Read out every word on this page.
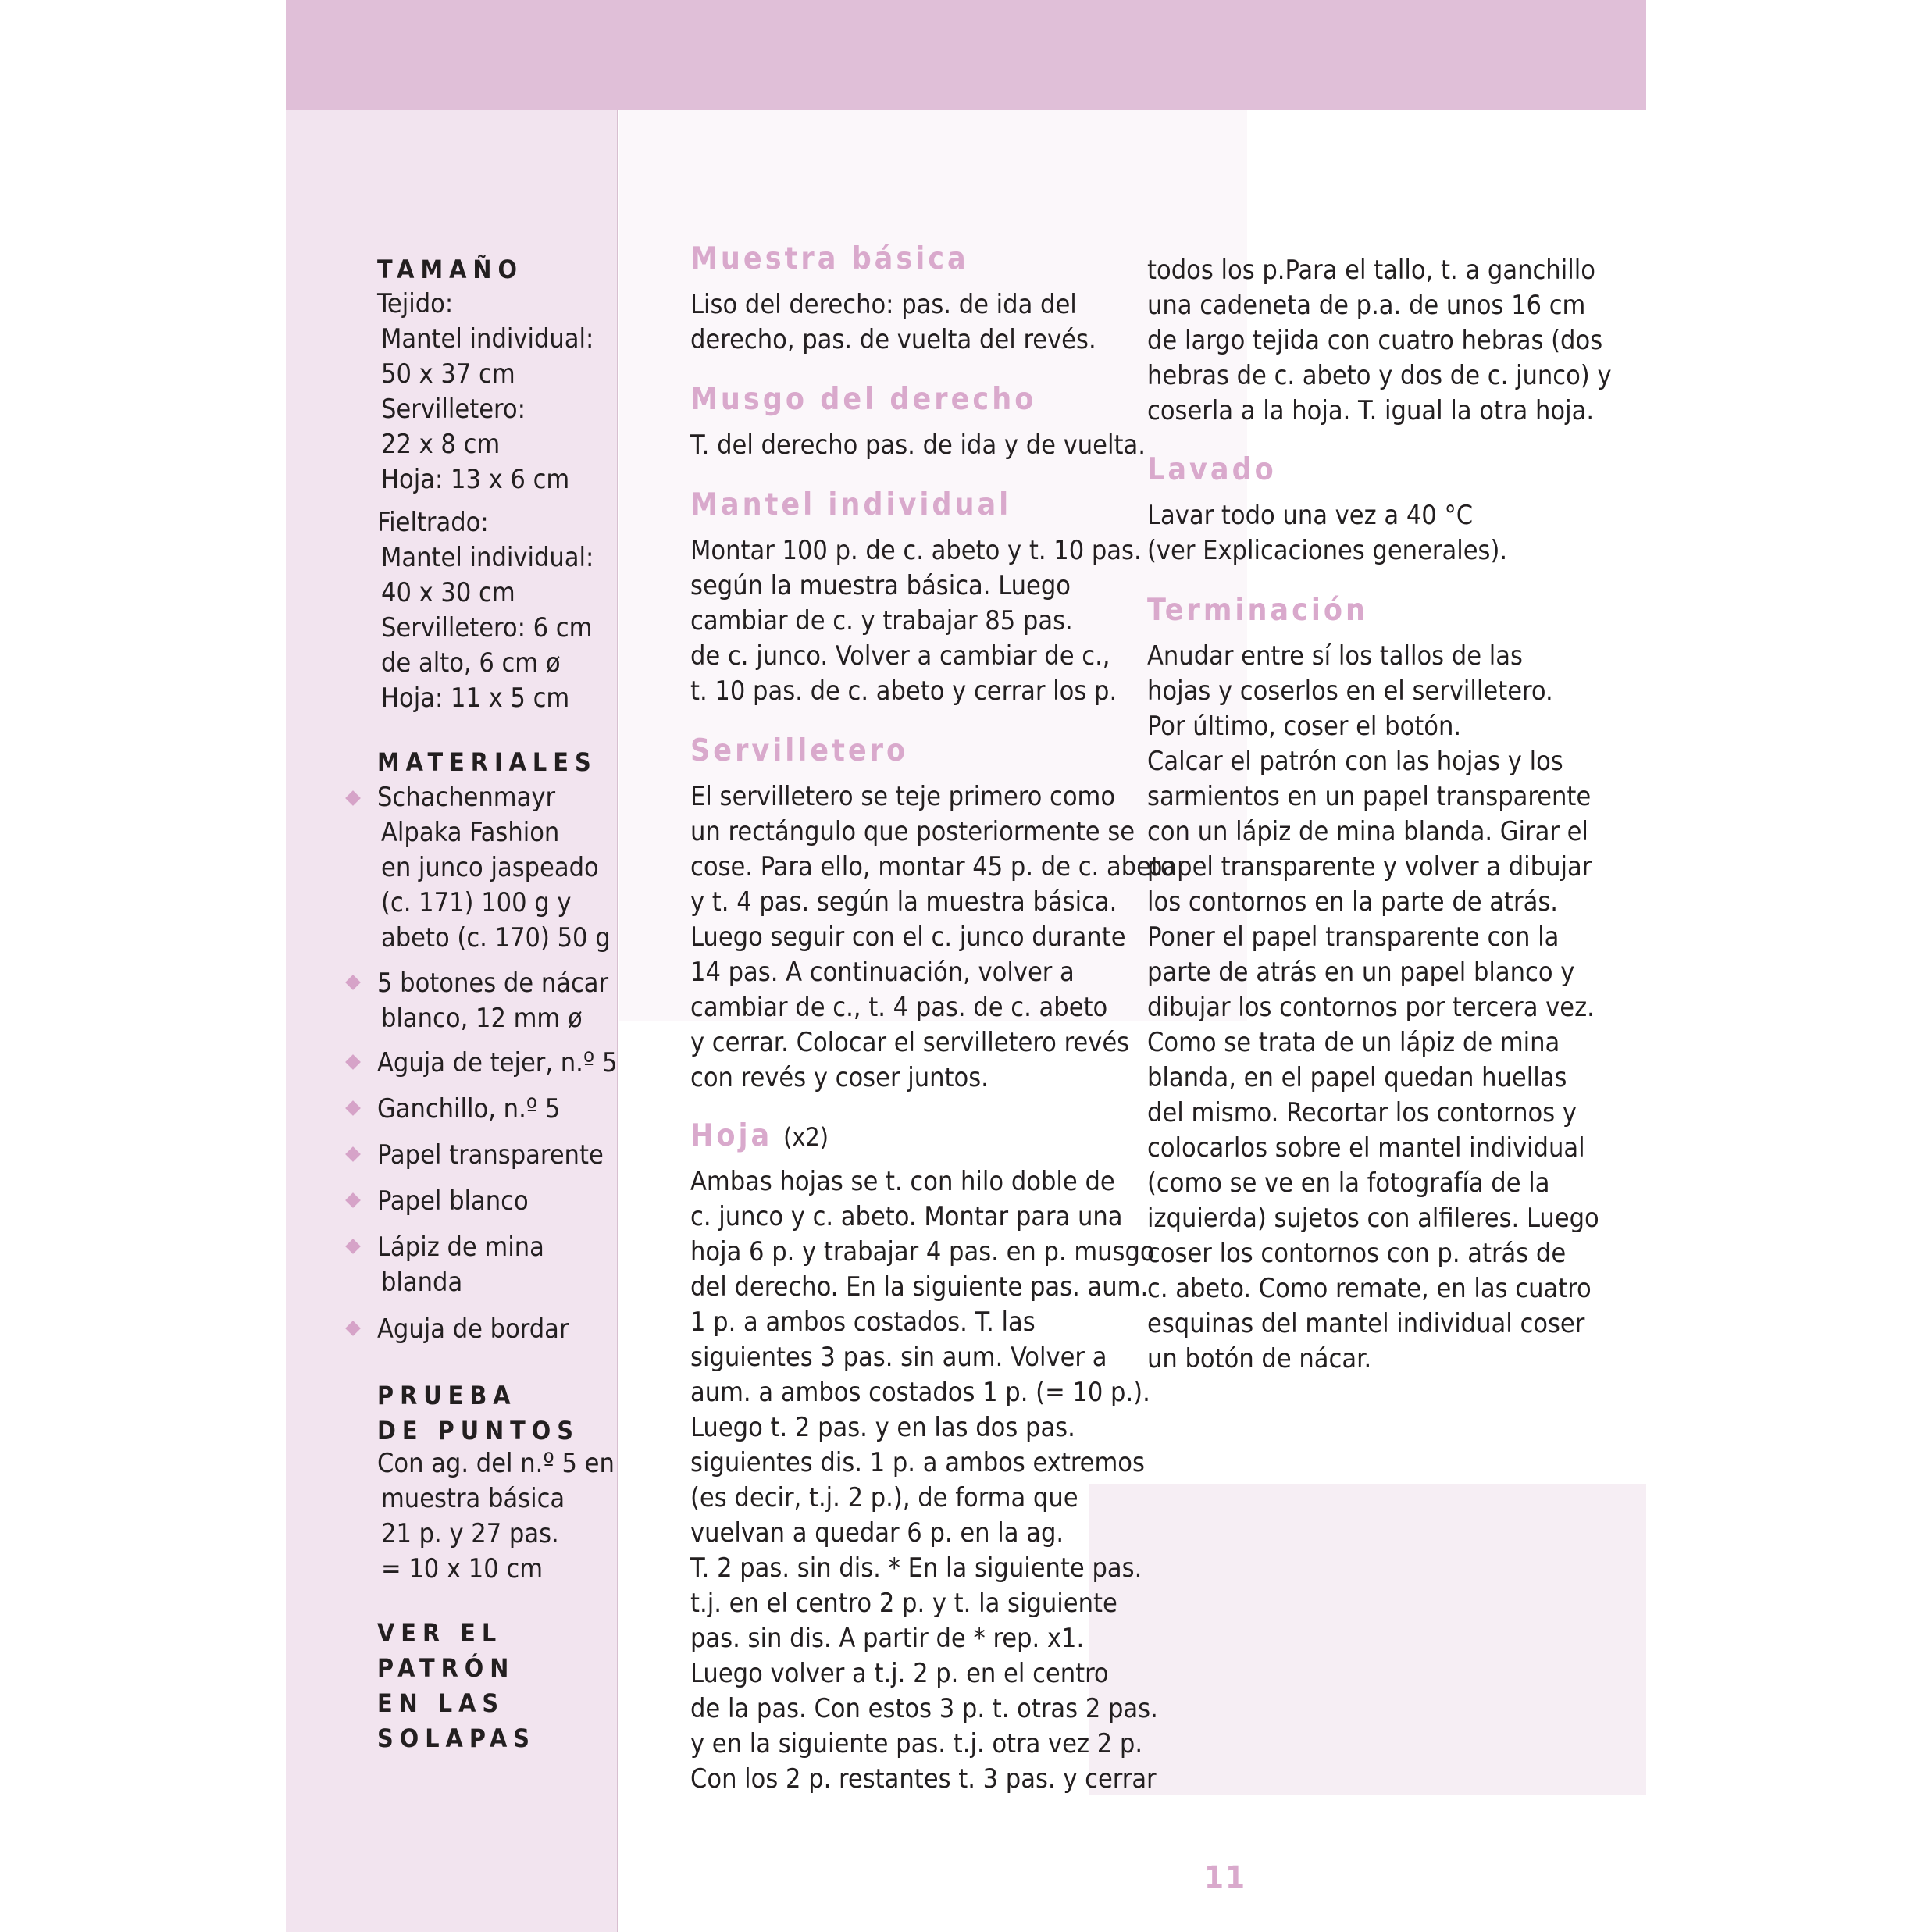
TAMAÑO
Tejido:
Mantel individual:
50 x 37 cm
Servilletero:
22 x 8 cm
Hoja: 13 x 6 cm
Fieltrado:
Mantel individual:
40 x 30 cm
Servilletero: 6 cm
de alto, 6 cm ø
Hoja: 11 x 5 cm
MATERIALES
Schachenmayr
Alpaka Fashion
en junco jaspeado
(c. 171) 100 g y
abeto (c. 170) 50 g
5 botones de nácar
blanco, 12 mm ø
Aguja de tejer, n.º 5
Ganchillo, n.º 5
Papel transparente
Papel blanco
Lápiz de mina
blanda
Aguja de bordar
PRUEBA
DE PUNTOS
Con ag. del n.º 5 en
muestra básica
21 p. y 27 pas.
= 10 x 10 cm
VER EL
PATRÓN
EN LAS
SOLAPAS
Muestra básica
Liso del derecho: pas. de ida del
derecho, pas. de vuelta del revés.
Musgo del derecho
T. del derecho pas. de ida y de vuelta.
Mantel individual
Montar 100 p. de c. abeto y t. 10 pas.
según la muestra básica. Luego
cambiar de c. y trabajar 85 pas.
de c. junco. Volver a cambiar de c.,
t. 10 pas. de c. abeto y cerrar los p.
Servilletero
El servilletero se teje primero como
un rectángulo que posteriormente se
cose. Para ello, montar 45 p. de c. abeto
y t. 4 pas. según la muestra básica.
Luego seguir con el c. junco durante
14 pas. A continuación, volver a
cambiar de c., t. 4 pas. de c. abeto
y cerrar. Colocar el servilletero revés
con revés y coser juntos.
Hoja (x2)
Ambas hojas se t. con hilo doble de
c. junco y c. abeto. Montar para una
hoja 6 p. y trabajar 4 pas. en p. musgo
del derecho. En la siguiente pas. aum.
1 p. a ambos costados. T. las
siguientes 3 pas. sin aum. Volver a
aum. a ambos costados 1 p. (= 10 p.).
Luego t. 2 pas. y en las dos pas.
siguientes dis. 1 p. a ambos extremos
(es decir, t.j. 2 p.), de forma que
vuelvan a quedar 6 p. en la ag.
T. 2 pas. sin dis. * En la siguiente pas.
t.j. en el centro 2 p. y t. la siguiente
pas. sin dis. A partir de * rep. x1.
Luego volver a t.j. 2 p. en el centro
de la pas. Con estos 3 p. t. otras 2 pas.
y en la siguiente pas. t.j. otra vez 2 p.
Con los 2 p. restantes t. 3 pas. y cerrar
todos los p.Para el tallo, t. a ganchillo
una cadeneta de p.a. de unos 16 cm
de largo tejida con cuatro hebras (dos
hebras de c. abeto y dos de c. junco) y
coserla a la hoja. T. igual la otra hoja.
Lavado
Lavar todo una vez a 40 °C
(ver Explicaciones generales).
Terminación
Anudar entre sí los tallos de las
hojas y coserlos en el servilletero.
Por último, coser el botón.
Calcar el patrón con las hojas y los
sarmientos en un papel transparente
con un lápiz de mina blanda. Girar el
papel transparente y volver a dibujar
los contornos en la parte de atrás.
Poner el papel transparente con la
parte de atrás en un papel blanco y
dibujar los contornos por tercera vez.
Como se trata de un lápiz de mina
blanda, en el papel quedan huellas
del mismo. Recortar los contornos y
colocarlos sobre el mantel individual
(como se ve en la fotografía de la
izquierda) sujetos con alfileres. Luego
coser los contornos con p. atrás de
c. abeto. Como remate, en las cuatro
esquinas del mantel individual coser
un botón de nácar.
11
